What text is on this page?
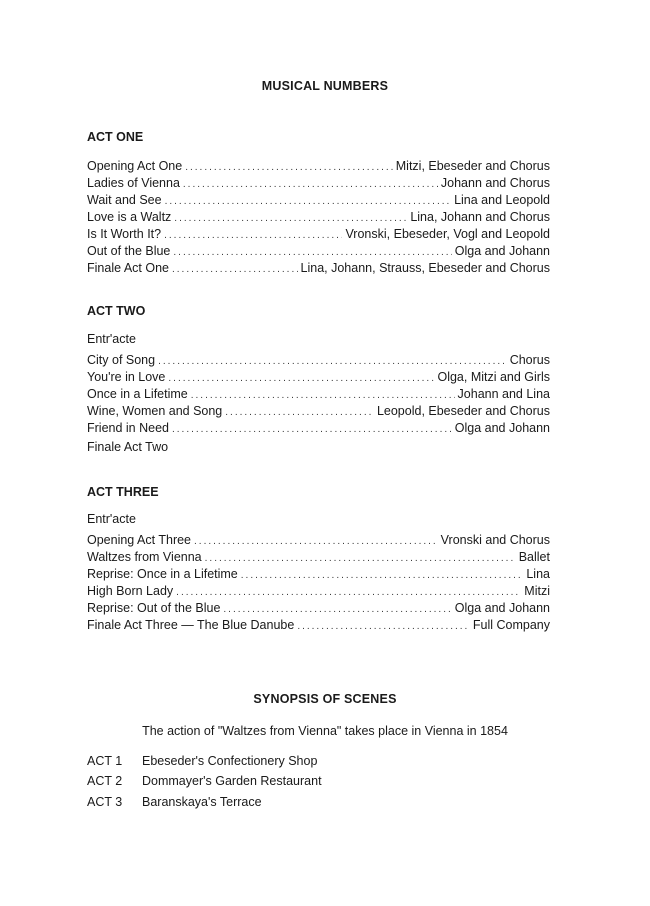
MUSICAL NUMBERS
ACT ONE
Opening Act One .....	Mitzi, Ebeseder and Chorus
Ladies of Vienna .....	Johann and Chorus
Wait and See .....	Lina and Leopold
Love is a Waltz .....	Lina, Johann and Chorus
Is It Worth It? .....	Vronski, Ebeseder, Vogl and Leopold
Out of the Blue .....	Olga and Johann
Finale Act One .....	Lina, Johann, Strauss, Ebeseder and Chorus
ACT TWO
Entr'acte
City of Song .....	Chorus
You're in Love .....	Olga, Mitzi and Girls
Once in a Lifetime .....	Johann and Lina
Wine, Women and Song .....	Leopold, Ebeseder and Chorus
Friend in Need .....	Olga and Johann
Finale Act Two
ACT THREE
Entr'acte
Opening Act Three .....	Vronski and Chorus
Waltzes from Vienna .....	Ballet
Reprise: Once in a Lifetime .....	Lina
High Born Lady .....	Mitzi
Reprise: Out of the Blue .....	Olga and Johann
Finale Act Three — The Blue Danube .....	Full Company
SYNOPSIS OF SCENES
The action of "Waltzes from Vienna" takes place in Vienna in 1854
ACT 1	Ebeseder's Confectionery Shop
ACT 2	Dommayer's Garden Restaurant
ACT 3	Baranskaya's Terrace
